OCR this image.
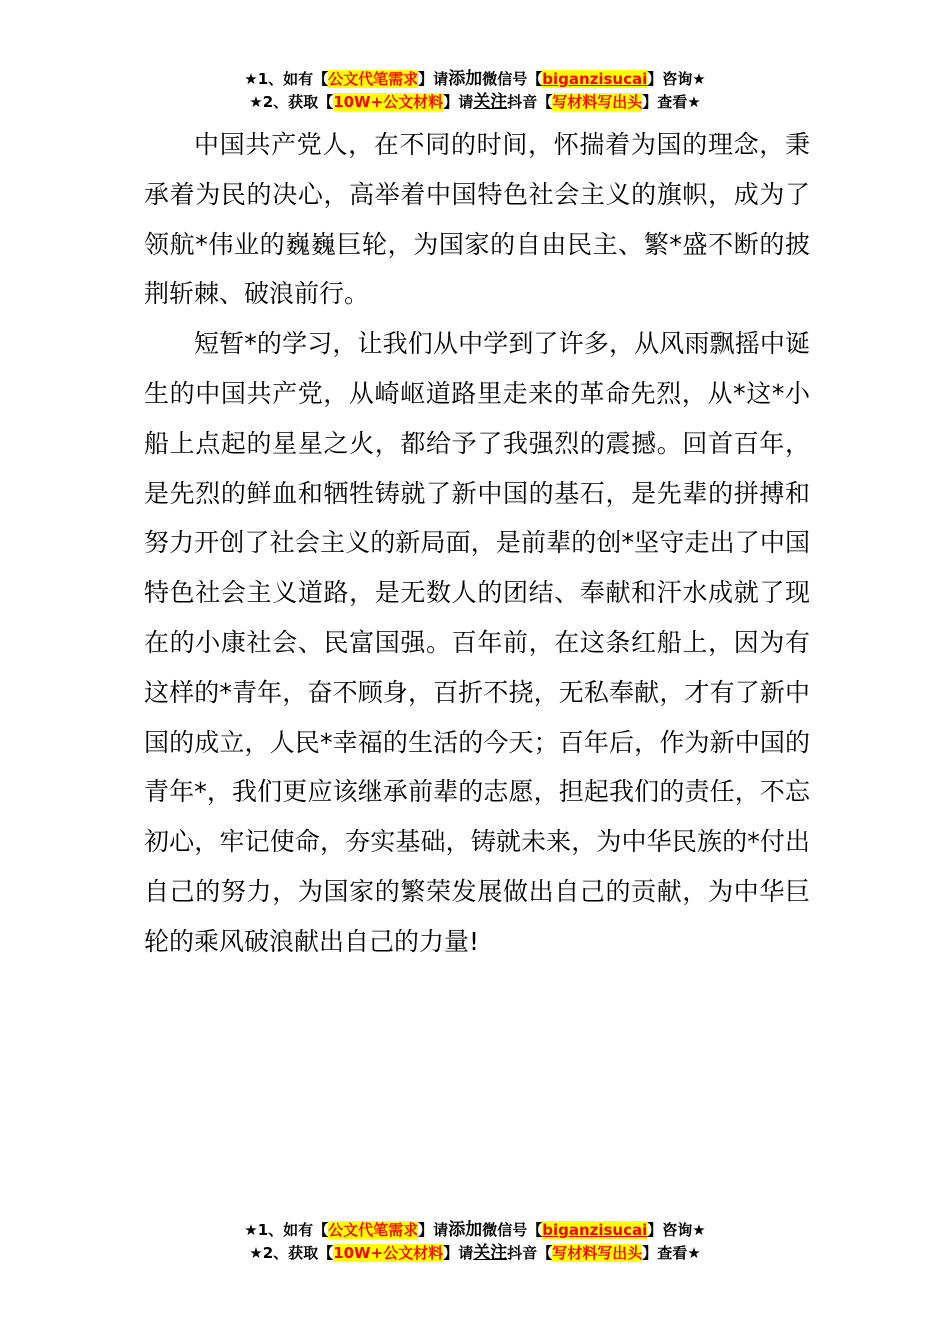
★1、如有【公文代笔需求】请添加微信号【biganzisucai】咨询★
★2、获取【10W+公文材料】请关注抖音【写材料写出头】查看★

中国共产党人，在不同的时间，怀揣着为国的理念，秉承着为民的决心，高举着中国特色社会主义的旗帜，成为了领航*伟业的巍巍巨轮，为国家的自由民主、繁*盛不断的披荆斩棘、破浪前行。

短暂*的学习，让我们从中学到了许多，从风雨飘摇中诞生的中国共产党，从崎岖道路里走来的革命先烈，从*这*小船上点起的星星之火，都给予了我强烈的震撼。回首百年，是先烈的鲜血和牺牲铸就了新中国的基石，是先辈的拼搏和努力开创了社会主义的新局面，是前辈的创*坚守走出了中国特色社会主义道路，是无数人的团结、奉献和汗水成就了现在的小康社会、民富国强。百年前，在这条红船上，因为有这样的*青年，奋不顾身，百折不挠，无私奉献，才有了新中国的成立，人民*幸福的生活的今天；百年后，作为新中国的青年*，我们更应该继承前辈的志愿，担起我们的责任，不忘初心，牢记使命，夯实基础，铸就未来，为中华民族的*付出自己的努力，为国家的繁荣发展做出自己的贡献，为中华巨轮的乘风破浪献出自己的力量!

★1、如有【公文代笔需求】请添加微信号【biganzisucai】咨询★
★2、获取【10W+公文材料】请关注抖音【写材料写出头】查看★
